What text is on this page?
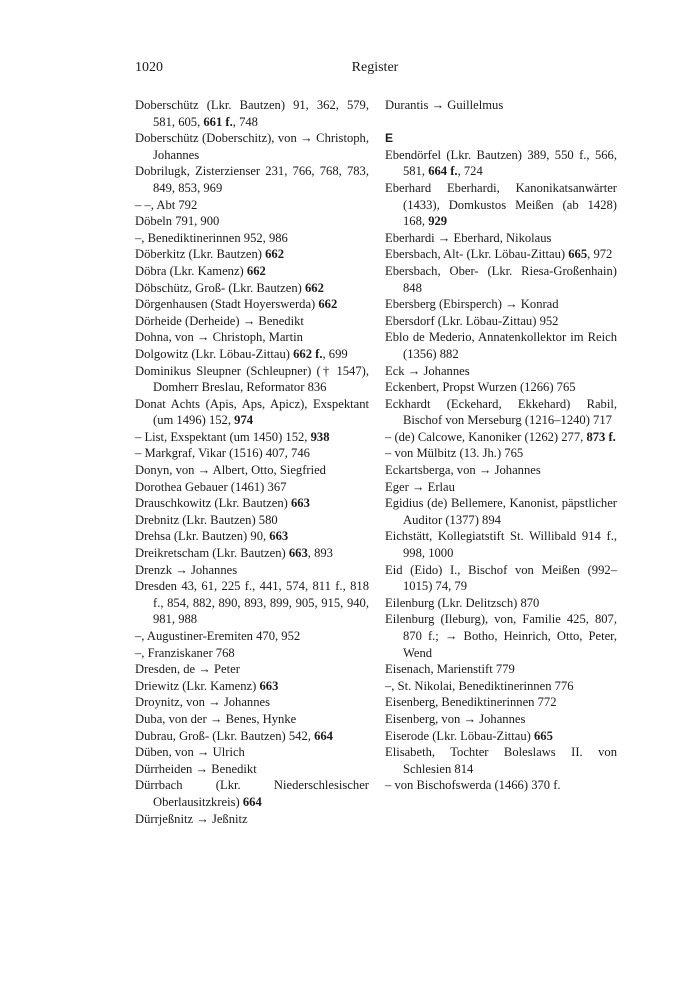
1020	Register

Doberschütz (Lkr. Bautzen) 91, 362, 579, 581, 605, 661 f., 748

Doberschütz (Doberschitz), von → Christoph, Johannes

Dobrilugk, Zisterzienser 231, 766, 768, 783, 849, 853, 969

– –, Abt 792

Döbeln 791, 900

–, Benediktinerinnen 952, 986

Döberkitz (Lkr. Bautzen) 662

Döbra (Lkr. Kamenz) 662

Döbschütz, Groß- (Lkr. Bautzen) 662

Dörgenhausen (Stadt Hoyerswerda) 662

Dörheide (Derheide) → Benedikt

Dohna, von → Christoph, Martin

Dolgowitz (Lkr. Löbau-Zittau) 662 f., 699

Dominikus Sleupner (Schleupner) († 1547), Domherr Breslau, Reformator 836

Donat Achts (Apis, Aps, Apicz), Exspektant (um 1496) 152, 974

– List, Exspektant (um 1450) 152, 938

– Markgraf, Vikar (1516) 407, 746

Donyn, von → Albert, Otto, Siegfried

Dorothea Gebauer (1461) 367

Drauschkowitz (Lkr. Bautzen) 663

Drebnitz (Lkr. Bautzen) 580

Drehsa (Lkr. Bautzen) 90, 663

Dreikretscham (Lkr. Bautzen) 663, 893

Drenzk → Johannes

Dresden 43, 61, 225 f., 441, 574, 811 f., 818 f., 854, 882, 890, 893, 899, 905, 915, 940, 981, 988

–, Augustiner-Eremiten 470, 952

–, Franziskaner 768

Dresden, de → Peter

Driewitz (Lkr. Kamenz) 663

Droynitz, von → Johannes

Duba, von der → Benes, Hynke

Dubrau, Groß- (Lkr. Bautzen) 542, 664

Düben, von → Ulrich

Dürrheiden → Benedikt

Dürrbach (Lkr. Niederschlesischer Oberlausitzkreis) 664

Dürrjeßnitz → Jeßnitz

Durantis → Guillelmus

E

Ebendörfel (Lkr. Bautzen) 389, 550 f., 566, 581, 664 f., 724

Eberhard Eberhardi, Kanonikatsanwärter (1433), Domkustos Meißen (ab 1428) 168, 929

Eberhardi → Eberhard, Nikolaus

Ebersbach, Alt- (Lkr. Löbau-Zittau) 665, 972

Ebersbach, Ober- (Lkr. Riesa-Großenhain) 848

Ebersberg (Ebirsperch) → Konrad

Ebersdorf (Lkr. Löbau-Zittau) 952

Eblo de Mederio, Annatenkollektor im Reich (1356) 882

Eck → Johannes

Eckenbert, Propst Wurzen (1266) 765

Eckhardt (Eckehard, Ekkehard) Rabil, Bischof von Merseburg (1216–1240) 717

– (de) Calcowe, Kanoniker (1262) 277, 873 f.

– von Mülbitz (13. Jh.) 765

Eckartsberga, von → Johannes

Eger → Erlau

Egidius (de) Bellemere, Kanonist, päpstlicher Auditor (1377) 894

Eichstätt, Kollegiatstift St. Willibald 914 f., 998, 1000

Eid (Eido) I., Bischof von Meißen (992–1015) 74, 79

Eilenburg (Lkr. Delitzsch) 870

Eilenburg (Ileburg), von, Familie 425, 807, 870 f.; → Botho, Heinrich, Otto, Peter, Wend

Eisenach, Marienstift 779

–, St. Nikolai, Benediktinerinnen 776

Eisenberg, Benediktinerinnen 772

Eisenberg, von → Johannes

Eiserode (Lkr. Löbau-Zittau) 665

Elisabeth, Tochter Boleslaws II. von Schlesien 814

– von Bischofswerda (1466) 370 f.
